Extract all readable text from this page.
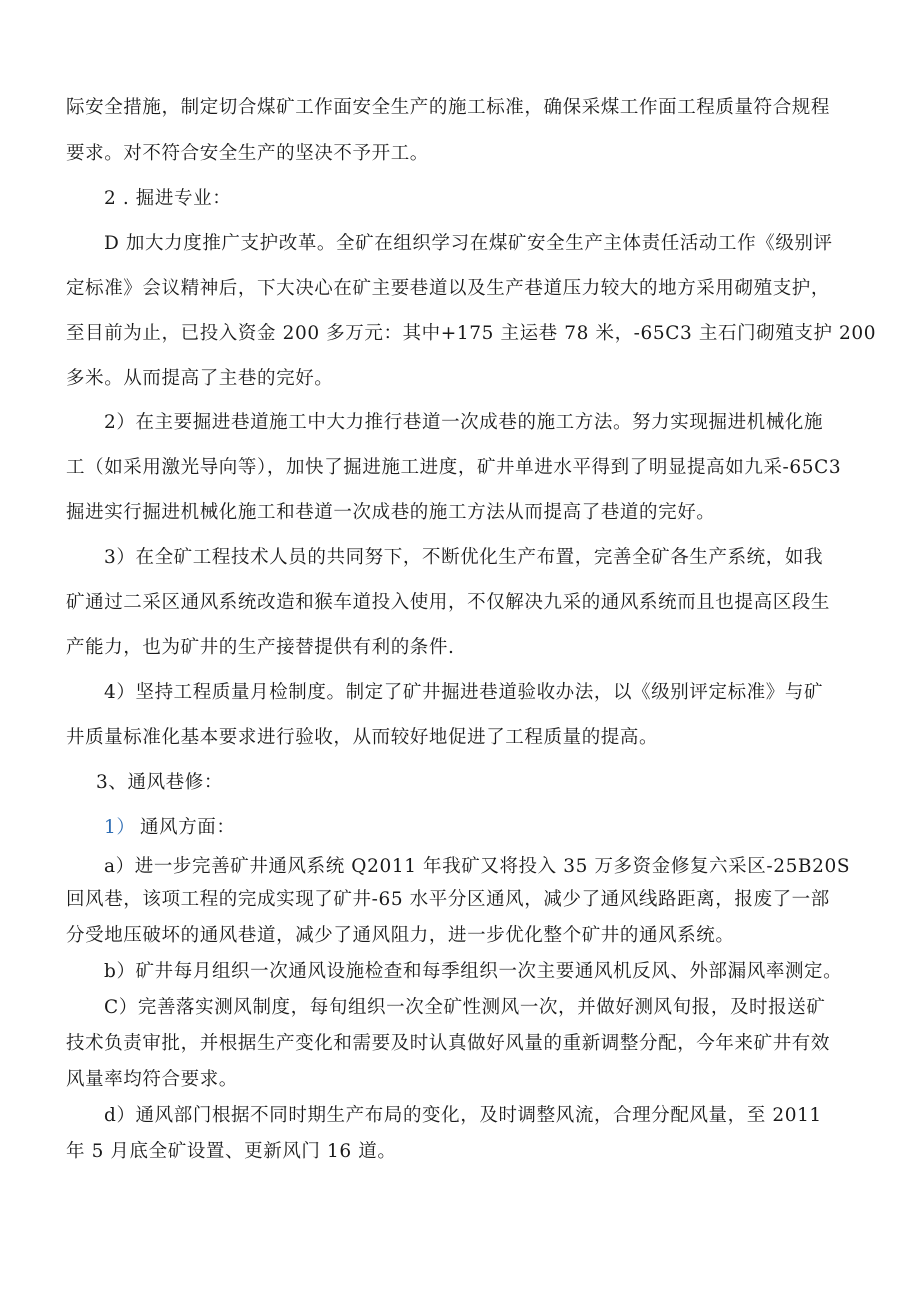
际安全措施，制定切合煤矿工作面安全生产的施工标准，确保采煤工作面工程质量符合规程
要求。对不符合安全生产的坚决不予开工。
2 . 掘进专业：
D 加大力度推广支护改革。全矿在组织学习在煤矿安全生产主体责任活动工作《级别评
定标准》会议精神后，下大决心在矿主要巷道以及生产巷道压力较大的地方采用砌殖支护，
至目前为止，已投入资金 200 多万元：其中+175 主运巷 78 米，-65C3 主石门砌殖支护 200
多米。从而提高了主巷的完好。
2）在主要掘进巷道施工中大力推行巷道一次成巷的施工方法。努力实现掘进机械化施
工（如采用激光导向等），加快了掘进施工进度，矿井单进水平得到了明显提高如九采-65C3
掘进实行掘进机械化施工和巷道一次成巷的施工方法从而提高了巷道的完好。
3）在全矿工程技术人员的共同努下，不断优化生产布置，完善全矿各生产系统，如我
矿通过二采区通风系统改造和猴车道投入使用，不仅解决九采的通风系统而且也提高区段生
产能力，也为矿井的生产接替提供有利的条件.
4）坚持工程质量月检制度。制定了矿井掘进巷道验收办法，以《级别评定标准》与矿
井质量标准化基本要求进行验收，从而较好地促进了工程质量的提高。
3、通风巷修：
1） 通风方面：
a）进一步完善矿井通风系统 Q2011 年我矿又将投入 35 万多资金修复六采区-25B20S
回风巷，该项工程的完成实现了矿井-65 水平分区通风，减少了通风线路距离，报废了一部
分受地压破坏的通风巷道，减少了通风阻力，进一步优化整个矿井的通风系统。
b）矿井每月组织一次通风设施检查和每季组织一次主要通风机反风、外部漏风率测定。
C）完善落实测风制度，每旬组织一次全矿性测风一次，并做好测风旬报，及时报送矿
技术负责审批，并根据生产变化和需要及时认真做好风量的重新调整分配，今年来矿井有效
风量率均符合要求。
d）通风部门根据不同时期生产布局的变化，及时调整风流，合理分配风量，至 2011
年 5 月底全矿设置、更新风门 16 道。
